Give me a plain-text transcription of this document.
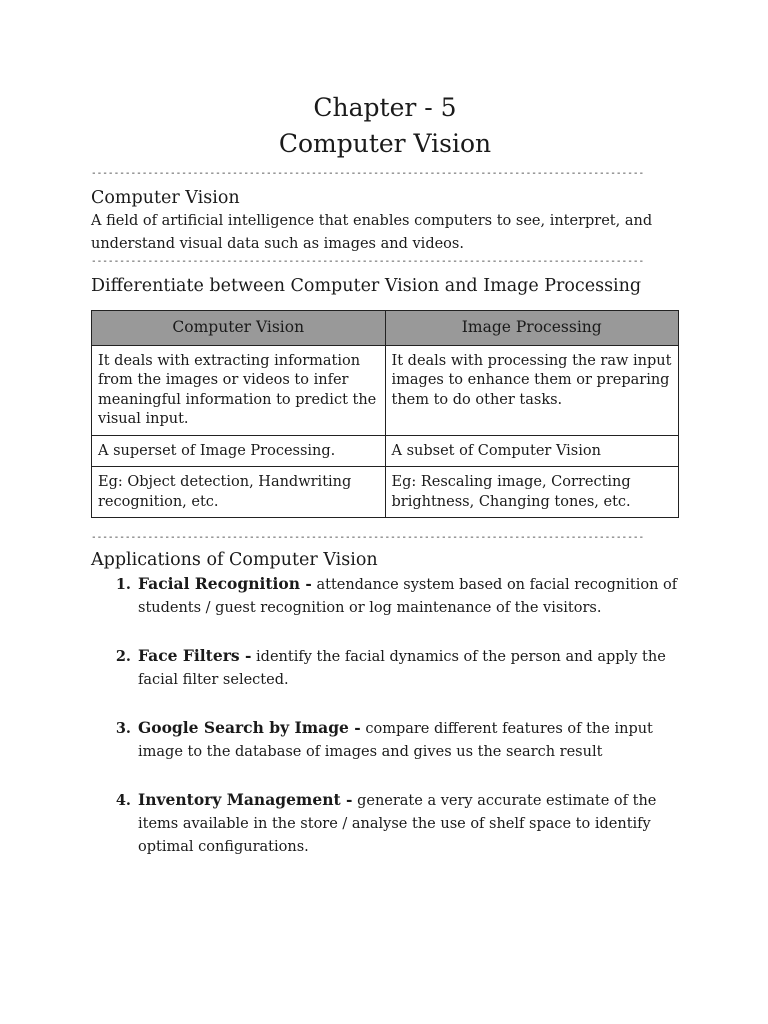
Chapter - 5
Computer Vision
--------------------------------------------------------------------------------------------------
Computer Vision

A field of artificial intelligence that enables computers to see, interpret, and understand visual data such as images and videos.

--------------------------------------------------------------------------------------------------
Differentiate between Computer Vision and Image Processing
Computer Vision	Image Processing
It deals with extracting information from the images or videos to infer meaningful information to predict the visual input.	It deals with processing the raw input images to enhance them or preparing them to do other tasks.
A superset of Image Processing.	A subset of Computer Vision
Eg: Object detection, Handwriting recognition, etc.	Eg: Rescaling image, Correcting brightness, Changing tones, etc.
--------------------------------------------------------------------------------------------------
Applications of Computer Vision
1. Facial Recognition - attendance system based on facial recognition of students / guest recognition or log maintenance of the visitors.
2. Face Filters - identify the facial dynamics of the person and apply the facial filter selected.
3. Google Search by Image - compare different features of the input image to the database of images and gives us the search result
4. Inventory Management - generate a very accurate estimate of the items available in the store / analyse the use of shelf space to identify optimal configurations.
